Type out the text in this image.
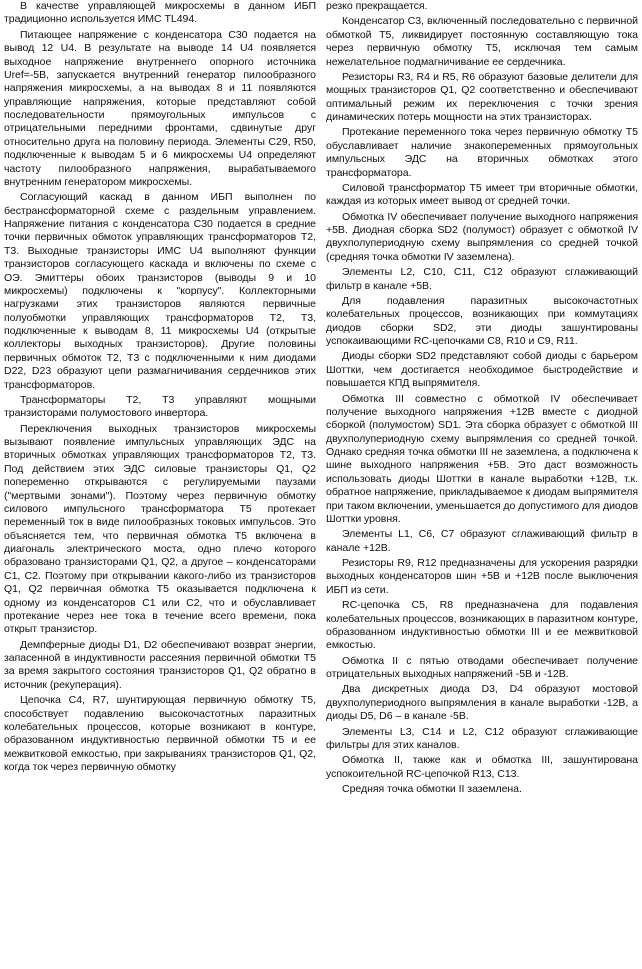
В качестве управляющей микросхемы в данном ИБП традиционно используется ИМС TL494.

Питающее напряжение с конденсатора С30 подается на вывод 12 U4. В результате на выводе 14 U4 появляется выходное напряжение внутреннего опорного источника Uref=-5В, запускается внутренний генератор пилообразного напряжения микросхемы, а на выводах 8 и 11 появляются управляющие напряжения, которые представляют собой последовательности прямоугольных импульсов с отрицательными передними фронтами, сдвинутые друг относительно друга на половину периода. Элементы С29, R50, подключенные к выводам 5 и 6 микросхемы U4 определяют частоту пилообразного напряжения, вырабатываемого внутренним генератором микросхемы.

Согласующий каскад в данном ИБП выполнен по бестрансформаторной схеме с раздельным управлением. Напряжение питания с конденсатора С30 подается в средние точки первичных обмоток управляющих трансформаторов Т2, Т3. Выходные транзисторы ИМС U4 выполняют функции транзисторов согласующего каскада и включены по схеме с ОЭ. Эмиттеры обоих транзисторов (выводы 9 и 10 микросхемы) подключены к "корпусу". Коллекторными нагрузками этих транзисторов являются первичные полуобмотки управляющих трансформаторов Т2, Т3, подключенные к выводам 8, 11 микросхемы U4 (открытые коллекторы выходных транзисторов). Другие половины первичных обмоток Т2, Т3 с подключенными к ним диодами D22, D23 образуют цепи размагничивания сердечников этих трансформаторов.

Трансформаторы Т2, Т3 управляют мощными транзисторами полумостового инвертора.

Переключения выходных транзисторов микросхемы вызывают появление импульсных управляющих ЭДС на вторичных обмотках управляющих трансформаторов Т2, Т3. Под действием этих ЭДС силовые транзисторы Q1, Q2 попеременно открываются с регулируемыми паузами ("мертвыми зонами"). Поэтому через первичную обмотку силового импульсного трансформатора Т5 протекает переменный ток в виде пилообразных токовых импульсов. Это объясняется тем, что первичная обмотка Т5 включена в диагональ электрического моста, одно плечо которого образовано транзисторами Q1, Q2, а другое – конденсаторами С1, С2. Поэтому при открывании какого-либо из транзисторов Q1, Q2 первичная обмотка Т5 оказывается подключена к одному из конденсаторов С1 или С2, что и обуславливает протекание через нее тока в течение всего времени, пока открыт транзистор.

Демпферные диоды D1, D2 обеспечивают возврат энергии, запасенной в индуктивности рассеяния первичной обмотки Т5 за время закрытого состояния транзисторов Q1, Q2 обратно в источник (рекуперация).

Цепочка С4, R7, шунтирующая первичную обмотку Т5, способствует подавлению высокочастотных паразитных колебательных процессов, которые возникают в контуре, образованном индуктивностью первичной обмотки Т5 и ее межвитковой емкостью, при закрываниях транзисторов Q1, Q2, когда ток через первичную обмотку

резко прекращается.

Конденсатор С3, включенный последовательно с первичной обмоткой Т5, ликвидирует постоянную составляющую тока через первичную обмотку Т5, исключая тем самым нежелательное подмагничивание ее сердечника.

Резисторы R3, R4 и R5, R6 образуют базовые делители для мощных транзисторов Q1, Q2 соответственно и обеспечивают оптимальный режим их переключения с точки зрения динамических потерь мощности на этих транзисторах.

Протекание переменного тока через первичную обмотку Т5 обуславливает наличие знакопеременных прямоугольных импульсных ЭДС на вторичных обмотках этого трансформатора.

Силовой трансформатор Т5 имеет три вторичные обмотки, каждая из которых имеет вывод от средней точки.

Обмотка IV обеспечивает получение выходного напряжения +5В. Диодная сборка SD2 (полумост) образует с обмоткой IV двухполупериодную схему выпрямления со средней точкой (средняя точка обмотки IV заземлена).

Элементы L2, С10, С11, С12 образуют сглаживающий фильтр в канале +5В.

Для подавления паразитных высокочастотных колебательных процессов, возникающих при коммутациях диодов сборки SD2, эти диоды зашунтированы успокаивающими RC-цепочками С8, R10 и С9, R11.

Диоды сборки SD2 представляют собой диоды с барьером Шоттки, чем достигается необходимое быстродействие и повышается КПД выпрямителя.

Обмотка III совместно с обмоткой IV обеспечивает получение выходного напряжения +12В вместе с диодной сборкой (полумостом) SD1. Эта сборка образует с обмоткой III двухполупериодную схему выпрямления со средней точкой. Однако средняя точка обмотки III не заземлена, а подключена к шине выходного напряжения +5В. Это даст возможность использовать диоды Шоттки в канале выработки +12В, т.к. обратное напряжение, прикладываемое к диодам выпрямителя при таком включении, уменьшается до допустимого для диодов Шоттки уровня.

Элементы L1, С6, С7 образуют сглаживающий фильтр в канале +12В.

Резисторы R9, R12 предназначены для ускорения разрядки выходных конденсаторов шин +5В и +12В после выключения ИБП из сети.

RC-цепочка С5, R8 предназначена для подавления колебательных процессов, возникающих в паразитном контуре, образованном индуктивностью обмотки III и ее межвитковой емкостью.

Обмотка II с пятью отводами обеспечивает получение отрицательных выходных напряжений -5В и -12В.

Два дискретных диода D3, D4 образуют мостовой двухполупериодного выпрямления в канале выработки -12В, а диоды D5, D6 – в канале -5В.

Элементы L3, С14 и L2, С12 образуют сглаживающие фильтры для этих каналов.

Обмотка II, также как и обмотка III, зашунтирована успокоительной RC-цепочкой R13, С13.

Средняя точка обмотки II заземлена.
